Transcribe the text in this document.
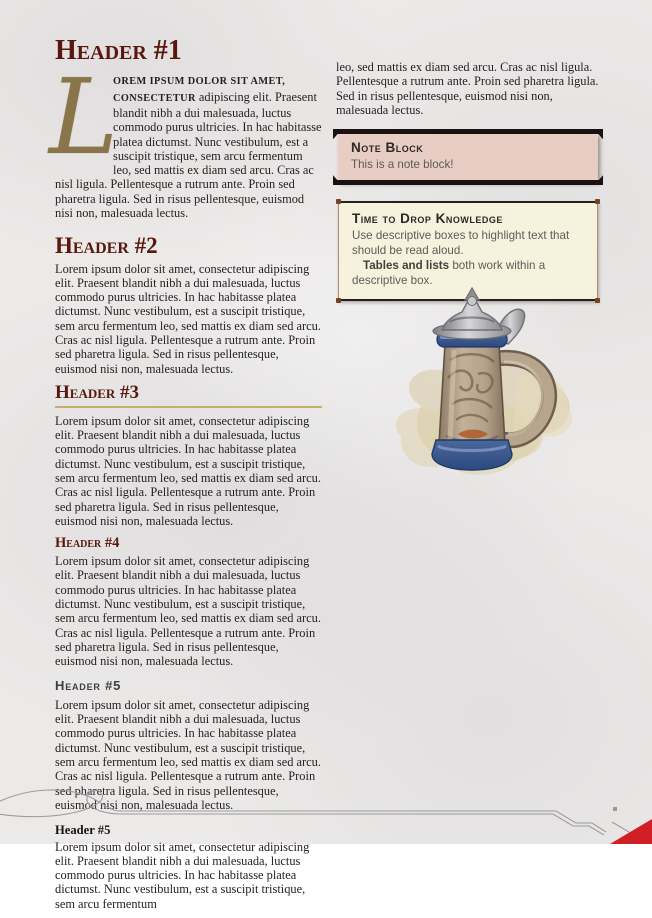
Header #1

L
OREM IPSUM DOLOR SIT AMET, CONSECTETUR adipiscing elit. Praesent blandit nibh a dui malesuada, luctus commodo purus ultricies. In hac habitasse platea dictumst. Nunc vestibulum, est a suscipit tristique, sem arcu fermentum leo, sed mattis ex diam sed arcu. Cras ac nisl ligula. Pellentesque a rutrum ante. Proin sed pharetra ligula. Sed in risus pellentesque, euismod nisi non, malesuada lectus.

Header #2

Lorem ipsum dolor sit amet, consectetur adipiscing elit. Praesent blandit nibh a dui malesuada, luctus commodo purus ultricies. In hac habitasse platea dictumst. Nunc vestibulum, est a suscipit tristique, sem arcu fermentum leo, sed mattis ex diam sed arcu. Cras ac nisl ligula. Pellentesque a rutrum ante. Proin sed pharetra ligula. Sed in risus pellentesque, euismod nisi non, malesuada lectus.

Header #3

Lorem ipsum dolor sit amet, consectetur adipiscing elit. Praesent blandit nibh a dui malesuada, luctus commodo purus ultricies. In hac habitasse platea dictumst. Nunc vestibulum, est a suscipit tristique, sem arcu fermentum leo, sed mattis ex diam sed arcu. Cras ac nisl ligula. Pellentesque a rutrum ante. Proin sed pharetra ligula. Sed in risus pellentesque, euismod nisi non, malesuada lectus.

Header #4

Lorem ipsum dolor sit amet, consectetur adipiscing elit. Praesent blandit nibh a dui malesuada, luctus commodo purus ultricies. In hac habitasse platea dictumst. Nunc vestibulum, est a suscipit tristique, sem arcu fermentum leo, sed mattis ex diam sed arcu. Cras ac nisl ligula. Pellentesque a rutrum ante. Proin sed pharetra ligula. Sed in risus pellentesque, euismod nisi non, malesuada lectus.

Header #5

Lorem ipsum dolor sit amet, consectetur adipiscing elit. Praesent blandit nibh a dui malesuada, luctus commodo purus ultricies. In hac habitasse platea dictumst. Nunc vestibulum, est a suscipit tristique, sem arcu fermentum leo, sed mattis ex diam sed arcu. Cras ac nisl ligula. Pellentesque a rutrum ante. Proin sed pharetra ligula. Sed in risus pellentesque, euismod nisi non, malesuada lectus.

Header #5

Lorem ipsum dolor sit amet, consectetur adipiscing elit. Praesent blandit nibh a dui malesuada, luctus commodo purus ultricies. In hac habitasse platea dictumst. Nunc vestibulum, est a suscipit tristique, sem arcu fermentum

leo, sed mattis ex diam sed arcu. Cras ac nisl ligula. Pellentesque a rutrum ante. Proin sed pharetra ligula. Sed in risus pellentesque, euismod nisi non, malesuada lectus.

Note Block

This is a note block!

Time to Drop Knowledge

Use descriptive boxes to highlight text that should be read aloud.

Tables and lists both work within a descriptive box.
